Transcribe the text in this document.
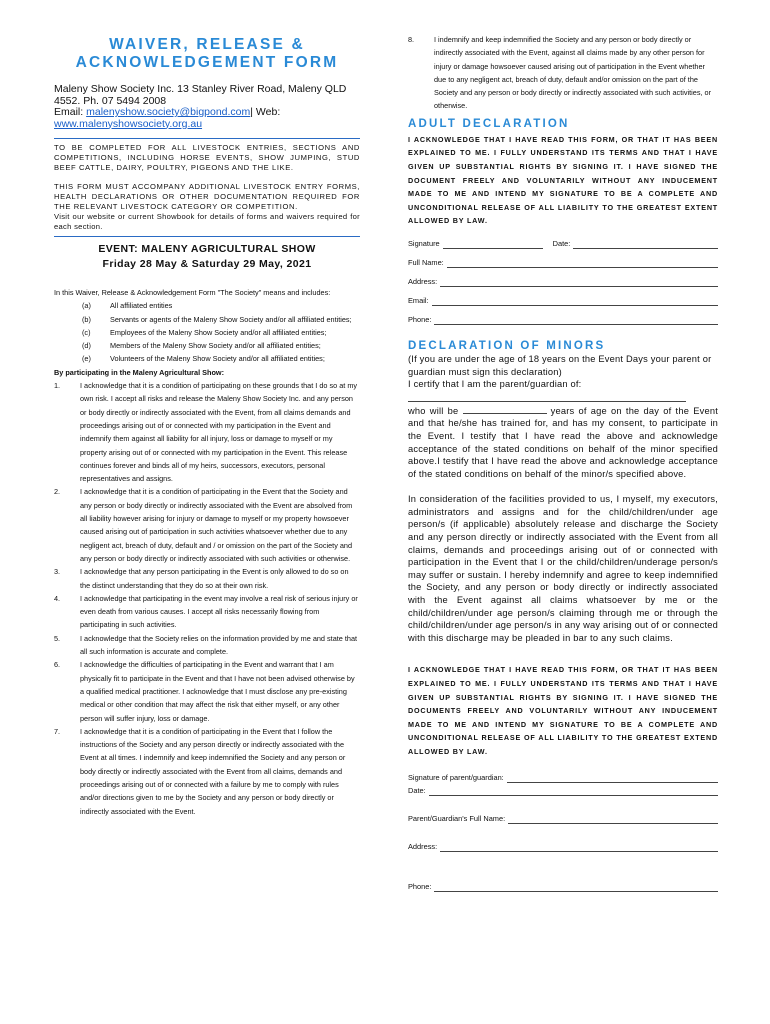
WAIVER, RELEASE &
ACKNOWLEDGEMENT FORM
Maleny Show Society Inc. 13 Stanley River Road, Maleny QLD
4552. Ph. 07 5494 2008
Email: malenyshow.society@bigpond.com| Web:
www.malenyshowsociety.org.au
TO BE COMPLETED FOR ALL LIVESTOCK ENTRIES, SECTIONS AND COMPETITIONS, INCLUDING HORSE EVENTS, SHOW JUMPING, STUD BEEF CATTLE, DAIRY, POULTRY, PIGEONS AND THE LIKE.
THIS FORM MUST ACCOMPANY ADDITIONAL LIVESTOCK ENTRY FORMS, HEALTH DECLARATIONS OR OTHER DOCUMENTATION REQUIRED FOR THE RELEVANT LIVESTOCK CATEGORY OR COMPETITION.
Visit our website or current Showbook for details of forms and waivers required for each section.
EVENT: MALENY AGRICULTURAL SHOW
Friday 28 May & Saturday 29 May, 2021
In this Waiver, Release & Acknowledgement Form "The Society" means and includes:
(a)	All affiliated entities
(b)	Servants or agents of the Maleny Show Society and/or all affiliated entities;
(c)	Employees of the Maleny Show Society and/or all affiliated entities;
(d)	Members of the Maleny Show Society and/or all affiliated entities;
(e)	Volunteers of the Maleny Show Society and/or all affiliated entities;
By participating in the Maleny Agricultural Show:
1.	I acknowledge that it is a condition of participating on these grounds that I do so at my own risk. I accept all risks and release the Maleny Show Society Inc. and any person or body directly or indirectly associated with the Event, from all claims demands and proceedings arising out of or connected with my participation in the Event and indemnify them against all liability for all injury, loss or damage to myself or my property arising out of or connected with my participation in the Event. This release continues forever and binds all of my heirs, successors, executors, personal representatives and assigns.
2.	I acknowledge that it is a condition of participating in the Event that the Society and any person or body directly or indirectly associated with the Event are absolved from all liability however arising for injury or damage to myself or my property howsoever caused arising out of participation in such activities whatsoever whether due to any negligent act, breach of duty, default and / or omission on the part of the Society and any person or body directly or indirectly associated with such activities or otherwise.
3.	I acknowledge that any person participating in the Event is only allowed to do so on the distinct understanding that they do so at their own risk.
4.	I acknowledge that participating in the event may involve a real risk of serious injury or even death from various causes. I accept all risks necessarily flowing from participating in such activities.
5.	I acknowledge that the Society relies on the information provided by me and state that all such information is accurate and complete.
6.	I acknowledge the difficulties of participating in the Event and warrant that I am physically fit to participate in the Event and that I have not been advised otherwise by a qualified medical practitioner. I acknowledge that I must disclose any pre-existing medical or other condition that may affect the risk that either myself, or any other person will suffer injury, loss or damage.
7.	I acknowledge that it is a condition of participating in the Event that I follow the instructions of the Society and any person directly or indirectly associated with the Event at all times. I indemnify and keep indemnified the Society and any person or body directly or indirectly associated with the Event from all claims, demands and proceedings arising out of or connected with a failure by me to comply with rules and/or directions given to me by the Society and any person or body directly or indirectly associated with the Event.
8.	I indemnify and keep indemnified the Society and any person or body directly or indirectly associated with the Event, against all claims made by any other person for injury or damage howsoever caused arising out of participation in the Event whether due to any negligent act, breach of duty, default and/or omission on the part of the Society and any person or body directly or indirectly associated with such activities, or otherwise.
ADULT DECLARATION
I ACKNOWLEDGE THAT I HAVE READ THIS FORM, OR THAT IT HAS BEEN EXPLAINED TO ME. I FULLY UNDERSTAND ITS TERMS AND THAT I HAVE GIVEN UP SUBSTANTIAL RIGHTS BY SIGNING IT. I HAVE SIGNED THE DOCUMENT FREELY AND VOLUNTARILY WITHOUT ANY INDUCEMENT MADE TO ME AND INTEND MY SIGNATURE TO BE A COMPLETE AND UNCONDITIONAL RELEASE OF ALL LIABILITY TO THE GREATEST EXTENT ALLOWED BY LAW.
Signature	Date:
Full Name:
Address:
Email:
Phone:
DECLARATION OF MINORS
(If you are under the age of 18 years on the Event Days your parent or guardian must sign this declaration)
I certify that I am the parent/guardian of:
who will be	years of age on the day of the Event and that he/she has trained for, and has my consent, to participate in the Event. I testify that I have read the above and acknowledge acceptance of the stated conditions on behalf of the minor specified above.I testify that I have read the above and acknowledge acceptance of the stated conditions on behalf of the minor/s specified above.
In consideration of the facilities provided to us, I myself, my executors, administrators and assigns and for the child/children/under age person/s (if applicable) absolutely release and discharge the Society and any person directly or indirectly associated with the Event from all claims, demands and proceedings arising out of or connected with participation in the Event that I or the child/children/underage person/s may suffer or sustain. I hereby indemnify and agree to keep indemnified the Society, and any person or body directly or indirectly associated with the Event against all claims whatsoever by me or the child/children/under age person/s claiming through me or through the child/children/under age person/s in any way arising out of or connected with this discharge may be pleaded in bar to any such claims.
I ACKNOWLEDGE THAT I HAVE READ THIS FORM, OR THAT IT HAS BEEN EXPLAINED TO ME. I FULLY UNDERSTAND ITS TERMS AND THAT I HAVE GIVEN UP SUBSTANTIAL RIGHTS BY SIGNING IT. I HAVE SIGNED THE DOCUMENTS FREELY AND VOLUNTARILY WITHOUT ANY INDUCEMENT MADE TO ME AND INTEND MY SIGNATURE TO BE A COMPLETE AND UNCONDITIONAL RELEASE OF ALL LIABILITY TO THE GREATEST EXTEND ALLOWED BY LAW.
Signature of parent/guardian:
Date:
Parent/Guardian's Full Name:
Address:
Phone:
